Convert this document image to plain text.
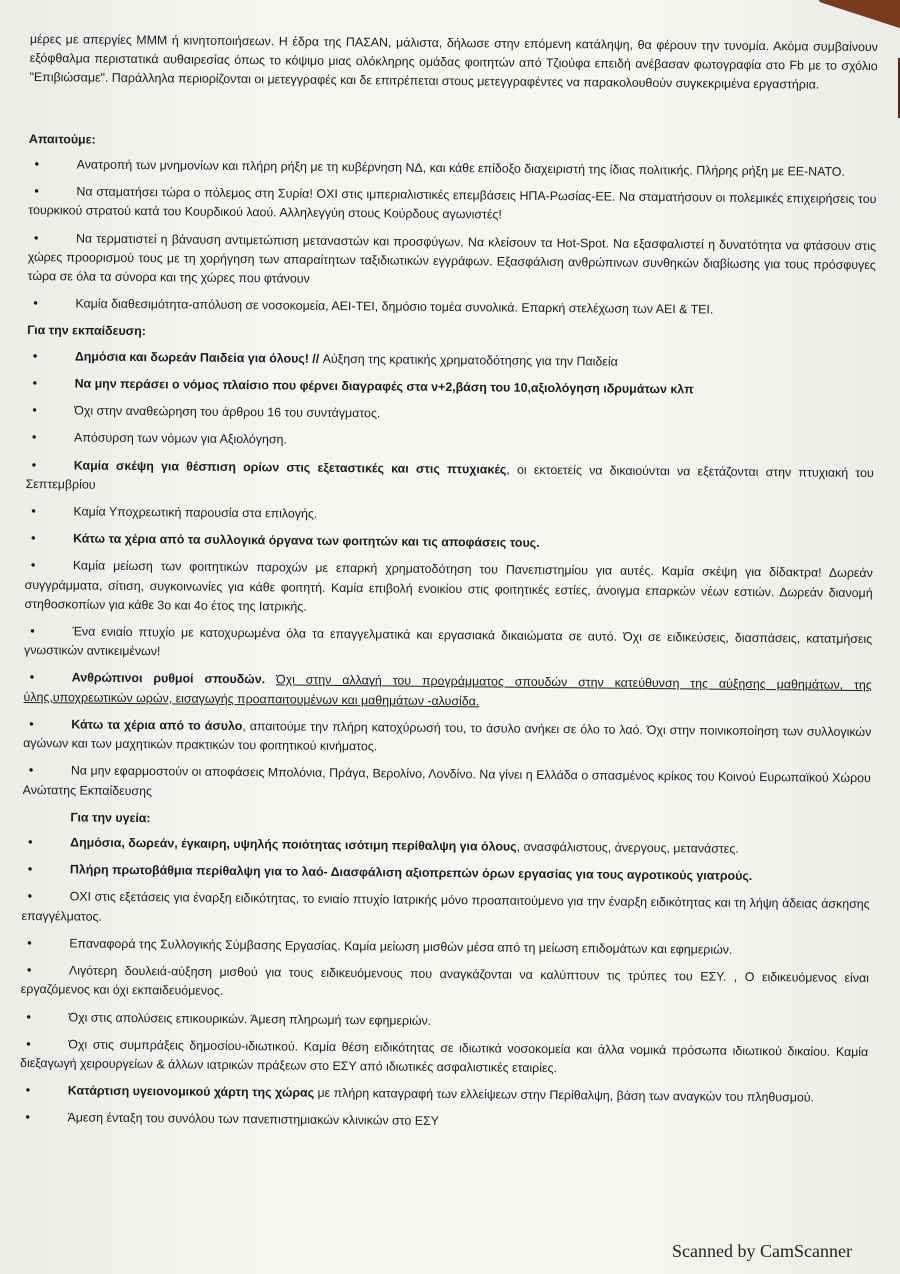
μέρες με απεργίες ΜΜΜ ή κινητοποιήσεων. Η έδρα της ΠΑΣΑΝ, μάλιστα, δήλωσε στην επόμενη κατάληψη, θα φέρουν την τυνομία. Ακόμα συμβαίνουν εξόφθαλμα περιστατικά αυθαιρεσίας όπως το κόψιμο μιας ολόκληρης ομάδας φοιτητών από Τζιούφα επειδή ανέβασαν φωτογραφία στο Fb με το σχόλιο "Επιβιώσαμε". Παράλληλα περιορίζονται οι μετεγγραφές και δε επιτρέπεται στους μετεγγραφέντες να παρακολουθούν συγκεκριμένα εργαστήρια.

Απαιτούμε:

• Ανατροπή των μνημονίων και πλήρη ρήξη με τη κυβέρνηση ΝΔ, και κάθε επίδοξο διαχειριστή της ίδιας πολιτικής. Πλήρης ρήξη με ΕΕ-ΝΑΤΟ.

• Να σταματήσει τώρα ο πόλεμος στη Συρία! ΟΧΙ στις ιμπεριαλιστικές επεμβάσεις ΗΠΑ-Ρωσίας-ΕΕ. Να σταματήσουν οι πολεμικές επιχειρήσεις του τουρκικού στρατού κατά του Κουρδικού λαού. Αλληλεγγύη στους Κούρδους αγωνιστές!

• Να τερματιστεί η βάναυση αντιμετώπιση μεταναστών και προσφύγων. Να κλείσουν τα Hot-Spot. Να εξασφαλιστεί η δυνατότητα να φτάσουν στις χώρες προορισμού τους με τη χορήγηση των απαραίτητων ταξιδιωτικών εγγράφων. Εξασφάλιση ανθρώπινων συνθηκών διαβίωσης για τους πρόσφυγες τώρα σε όλα τα σύνορα και της χώρες που φτάνουν

• Καμία διαθεσιμότητα-απόλυση σε νοσοκομεία, ΑΕΙ-ΤΕΙ, δημόσιο τομέα συνολικά. Επαρκή στελέχωση των ΑΕΙ & ΤΕΙ.

Για την εκπαίδευση:

• Δημόσια και δωρεάν Παιδεία για όλους! // Αύξηση της κρατικής χρηματοδότησης για την Παιδεία

• Να μην περάσει ο νόμος πλαίσιο που φέρνει διαγραφές στα ν+2,βάση του 10,αξιολόγηση ιδρυμάτων κλπ

• Όχι στην αναθεώρηση του άρθρου 16 του συντάγματος.

• Απόσυρση των νόμων για Αξιολόγηση.

• Καμία σκέψη για θέσπιση ορίων στις εξεταστικές και στις πτυχιακές, οι εκτοετείς να δικαιούνται να εξετάζονται στην πτυχιακή του Σεπτεμβρίου

• Καμία Υποχρεωτική παρουσία στα επιλογής.

• Κάτω τα χέρια από τα συλλογικά όργανα των φοιτητών και τις αποφάσεις τους.

• Καμία μείωση των φοιτητικών παροχών με επαρκή χρηματοδότηση του Πανεπιστημίου για αυτές. Καμία σκέψη για δίδακτρα! Δωρεάν συγγράμματα, σίτιση, συγκοινωνίες για κάθε φοιτητή. Καμία επιβολή ενοικίου στις φοιτητικές εστίες, άνοιγμα επαρκών νέων εστιών. Δωρεάν διανομή στηθοσκοπίων για κάθε 3ο και 4ο έτος της Ιατρικής.

• Ένα ενιαίο πτυχίο με κατοχυρωμένα όλα τα επαγγελματικά και εργασιακά δικαιώματα σε αυτό. Όχι σε ειδικεύσεις, διασπάσεις, κατατμήσεις γνωστικών αντικειμένων!

• Ανθρώπινοι ρυθμοί σπουδών. Όχι στην αλλαγή του προγράμματος σπουδών στην κατεύθυνση της αύξησης μαθημάτων, της ύλης,υποχρεωτικών ωρών, εισαγωγής προαπαιτουμένων και μαθημάτων -αλυσίδα.

• Κάτω τα χέρια από το άσυλο, απαιτούμε την πλήρη κατοχύρωσή του, το άσυλο ανήκει σε όλο το λαό. Όχι στην ποινικοποίηση των συλλογικών αγώνων και των μαχητικών πρακτικών του φοιτητικού κινήματος.

• Να μην εφαρμοστούν οι αποφάσεις Μπολόνια, Πράγα, Βερολίνο, Λονδίνο. Να γίνει η Ελλάδα ο σπασμένος κρίκος του Κοινού Ευρωπαϊκού Χώρου Ανώτατης Εκπαίδευσης

Για την υγεία:

• Δημόσια, δωρεάν, έγκαιρη, υψηλής ποιότητας ισότιμη περίθαλψη για όλους, ανασφάλιστους, άνεργους, μετανάστες.

• Πλήρη πρωτοβάθμια περίθαλψη για το λαό- Διασφάλιση αξιοπρεπών όρων εργασίας για τους αγροτικούς γιατρούς.

• ΟΧΙ στις εξετάσεις για έναρξη ειδικότητας, το ενιαίο πτυχίο Ιατρικής μόνο προαπαιτούμενο για την έναρξη ειδικότητας και τη λήψη άδειας άσκησης επαγγέλματος.

• Επαναφορά της Συλλογικής Σύμβασης Εργασίας. Καμία μείωση μισθών μέσα από τη μείωση επιδομάτων και εφημεριών.

• Λιγότερη δουλειά-αύξηση μισθού για τους ειδικευόμενους που αναγκάζονται να καλύπτουν τις τρύπες του ΕΣΥ. , Ο ειδικευόμενος είναι εργαζόμενος και όχι εκπαιδευόμενος.

• Όχι στις απολύσεις επικουρικών. Άμεση πληρωμή των εφημεριών.

• Όχι στις συμπράξεις δημοσίου-ιδιωτικού. Καμία θέση ειδικότητας σε ιδιωτικά νοσοκομεία και άλλα νομικά πρόσωπα ιδιωτικού δικαίου. Καμία διεξαγωγή χειρουργείων & άλλων ιατρικών πράξεων στο ΕΣΥ από ιδιωτικές ασφαλιστικές εταιρίες.

• Κατάρτιση υγειονομικού χάρτη της χώρας με πλήρη καταγραφή των ελλείψεων στην Περίθαλψη, βάση των αναγκών του πληθυσμού.

• Άμεση ένταξη του συνόλου των πανεπιστημιακών κλινικών στο ΕΣΥ

Scanned by CamScanner
